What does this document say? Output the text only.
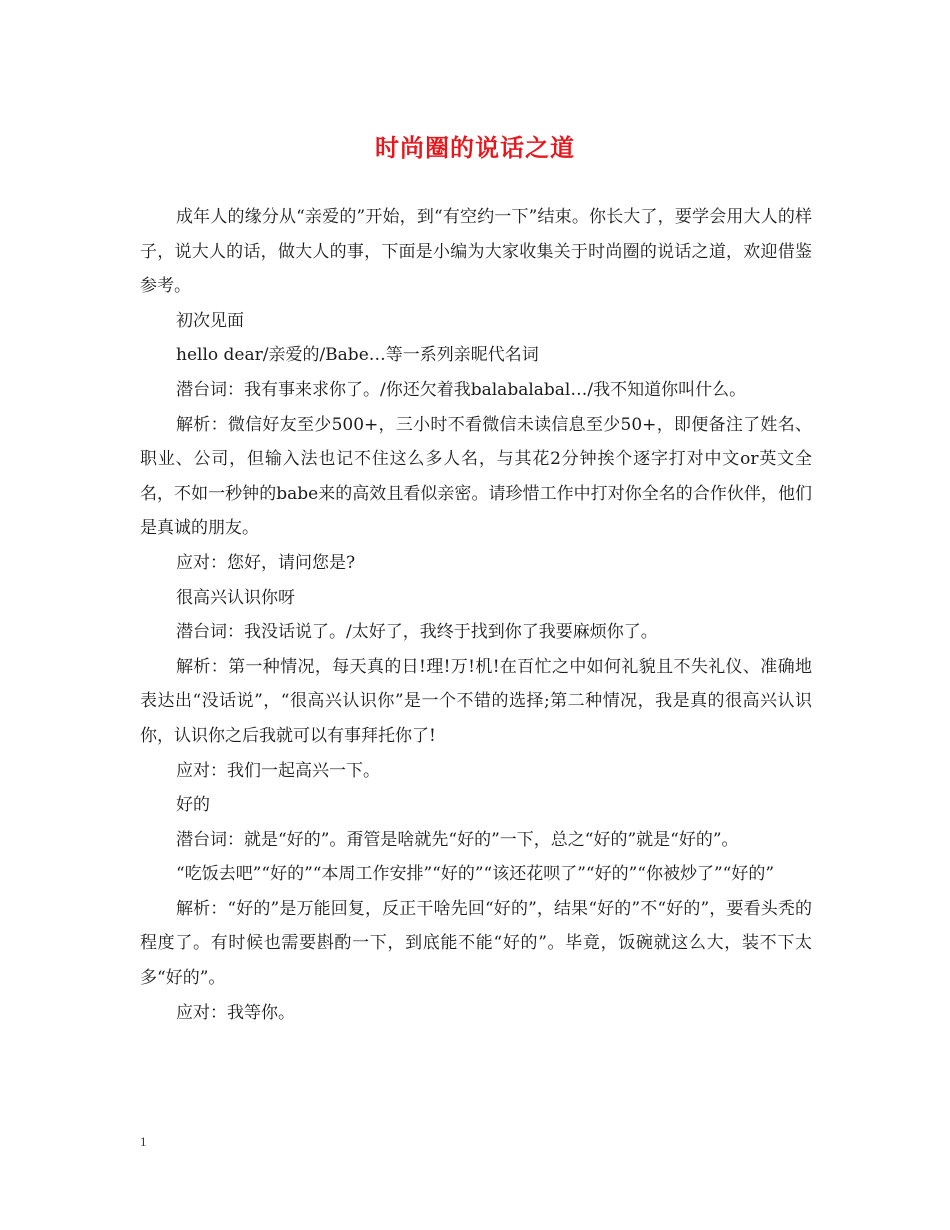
时尚圈的说话之道

成年人的缘分从“亲爱的”开始，到“有空约一下”结束。你长大了，要学会用大人的样子，说大人的话，做大人的事，下面是小编为大家收集关于时尚圈的说话之道，欢迎借鉴参考。

初次见面

hello dear/亲爱的/Babe…等一系列亲昵代名词

潜台词：我有事来求你了。/你还欠着我balabalabal…/我不知道你叫什么。

解析：微信好友至少500+，三小时不看微信未读信息至少50+，即便备注了姓名、职业、公司，但输入法也记不住这么多人名，与其花2分钟挨个逐字打对中文or英文全名，不如一秒钟的babe来的高效且看似亲密。请珍惜工作中打对你全名的合作伙伴，他们是真诚的朋友。

应对：您好，请问您是?

很高兴认识你呀

潜台词：我没话说了。/太好了，我终于找到你了我要麻烦你了。

解析：第一种情况，每天真的日!理!万!机!在百忙之中如何礼貌且不失礼仪、准确地表达出“没话说”，“很高兴认识你”是一个不错的选择;第二种情况，我是真的很高兴认识你，认识你之后我就可以有事拜托你了!

应对：我们一起高兴一下。

好的

潜台词：就是“好的”。甭管是啥就先“好的”一下，总之“好的”就是“好的”。

“吃饭去吧”“好的”“本周工作安排”“好的”“该还花呗了”“好的”“你被炒了”“好的”

解析：“好的”是万能回复，反正干啥先回“好的”，结果“好的”不“好的”，要看头秃的程度了。有时候也需要斟酌一下，到底能不能“好的”。毕竟，饭碗就这么大，装不下太多“好的”。

应对：我等你。

1
